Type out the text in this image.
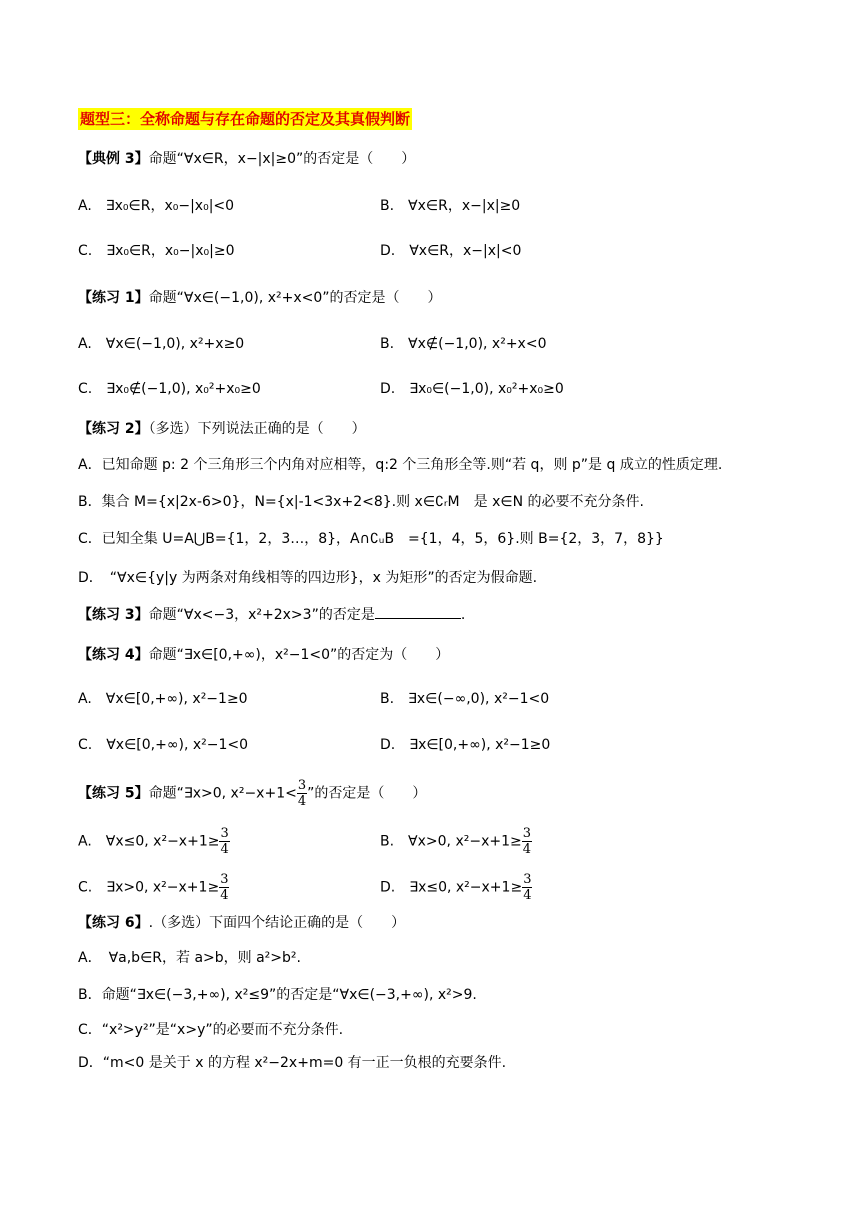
题型三：全称命题与存在命题的否定及其真假判断
【典例 3】命题“∀x∈R，x−|x|≥0”的否定是（　　）
A.　∃x₀∈R，x₀−|x₀|<0	B.　∀x∈R，x−|x|≥0
C.　∃x₀∈R，x₀−|x₀|≥0	D.　∀x∈R，x−|x|<0
【练习 1】命题“∀x∈(−1,0), x²+x<0”的否定是（　　）
A.　∀x∈(−1,0), x²+x≥0	B.　∀x∉(−1,0), x²+x<0
C.　∃x₀∉(−1,0), x₀²+x₀≥0	D.　∃x₀∈(−1,0), x₀²+x₀≥0
【练习 2】（多选）下列说法正确的是（　　）
A．已知命题 p: 2 个三角形三个内角对应相等，q:2 个三角形全等.则“若 q，则 p”是 q 成立的性质定理.
B．集合 M={x|2x-6>0}，N={x|-1<3x+2<8}.则 x∈∁ᵣM　是 x∈N 的必要不充分条件.
C．已知全集 U=A⋃B={1，2，3…，8}，A∩∁ᵤB　={1，4，5，6}.则 B={2，3，7，8}}
D．　“∀x∈{y|y 为两条对角线相等的四边形}，x 为矩形”的否定为假命题.
【练习 3】命题“∀x<−3，x²+2x>3”的否定是	.
【练习 4】命题“∃x∈[0,+∞)，x²−1<0”的否定为（　　）
A.　∀x∈[0,+∞), x²−1≥0	B.　∃x∈(−∞,0), x²−1<0
C.　∀x∈[0,+∞), x²−1<0	D.　∃x∈[0,+∞), x²−1≥0
【练习 5】命题“∃x>0, $x^2-x+1< \frac{3}{4}$ ”的否定是（　　）
A.　∀x≤0, $x^2-x+1\ge \frac{3}{4}$	B.　∀x>0, $x^2-x+1\ge \frac{3}{4}$
C.　∃x>0, $x^2-x+1\ge \frac{3}{4}$	D.　∃x≤0, $x^2-x+1\ge \frac{3}{4}$
【练习 6】.（多选）下面四个结论正确的是（　　）
A．　∀a,b∈R，若 a>b，则 a²>b².
B．命题“∃x∈(−3,+∞), x²≤9”的否定是“∀x∈(−3,+∞), x²>9.
C．“x²>y²”是“x>y”的必要而不充分条件.
D．“m<0 是关于 x 的方程 x²−2x+m=0 有一正一负根的充要条件.
